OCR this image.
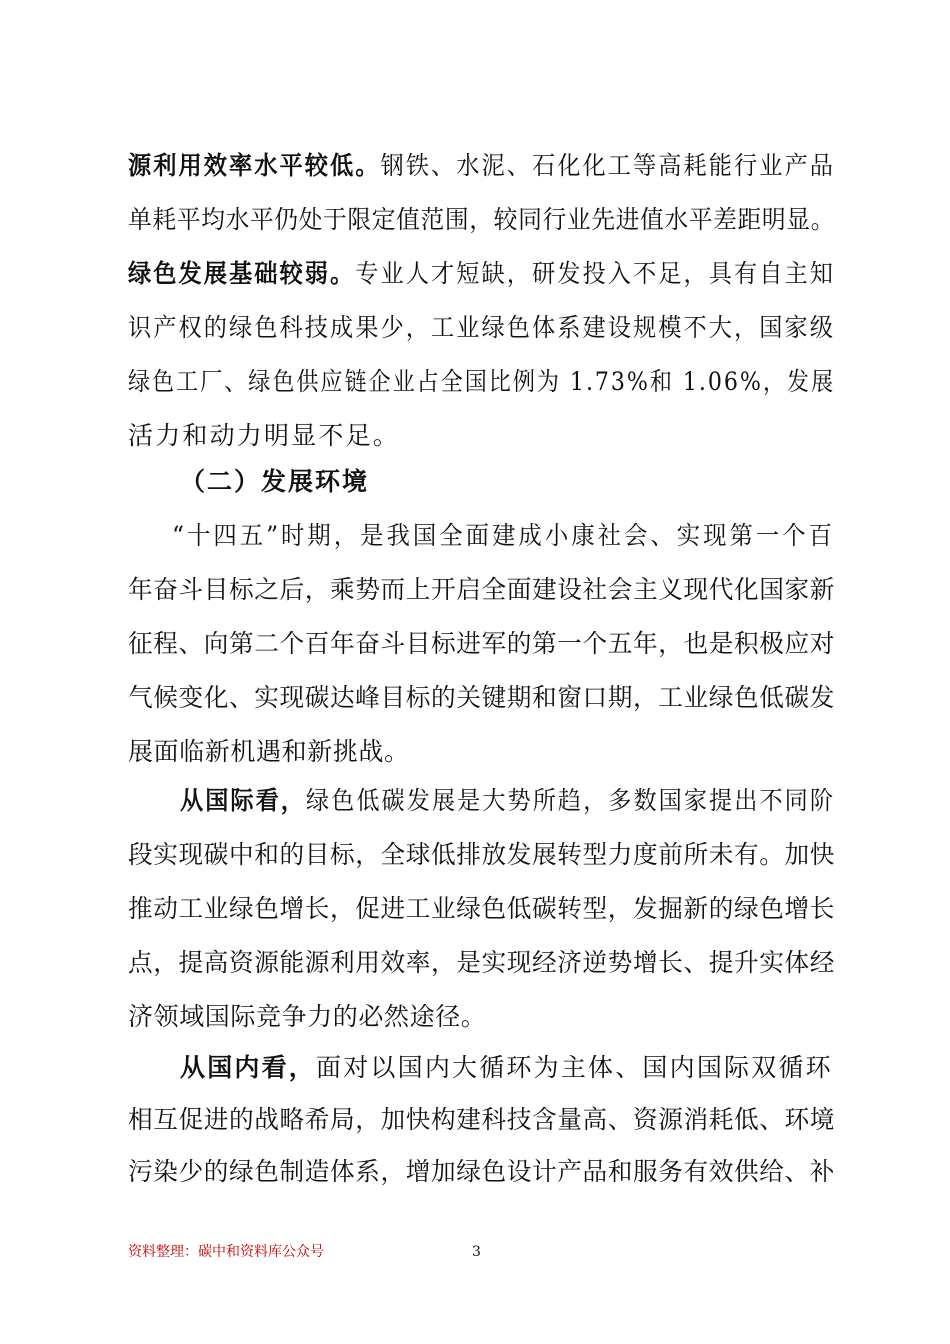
源利用效率水平较低。钢铁、水泥、石化化工等高耗能行业产品
单耗平均水平仍处于限定值范围，较同行业先进值水平差距明显。
绿色发展基础较弱。专业人才短缺，研发投入不足，具有自主知
识产权的绿色科技成果少，工业绿色体系建设规模不大，国家级
绿色工厂、绿色供应链企业占全国比例为 1.73%和 1.06%，发展
活力和动力明显不足。
（二）发展环境
“十四五”时期，是我国全面建成小康社会、实现第一个百
年奋斗目标之后，乘势而上开启全面建设社会主义现代化国家新
征程、向第二个百年奋斗目标进军的第一个五年，也是积极应对
气候变化、实现碳达峰目标的关键期和窗口期，工业绿色低碳发
展面临新机遇和新挑战。
从国际看，绿色低碳发展是大势所趋，多数国家提出不同阶
段实现碳中和的目标，全球低排放发展转型力度前所未有。加快
推动工业绿色增长，促进工业绿色低碳转型，发掘新的绿色增长
点，提高资源能源利用效率，是实现经济逆势增长、提升实体经
济领域国际竞争力的必然途径。
从国内看，面对以国内大循环为主体、国内国际双循环
相互促进的战略希局，加快构建科技含量高、资源消耗低、环境
污染少的绿色制造体系，增加绿色设计产品和服务有效供给、补
资料整理：碳中和资料库公众号	3
